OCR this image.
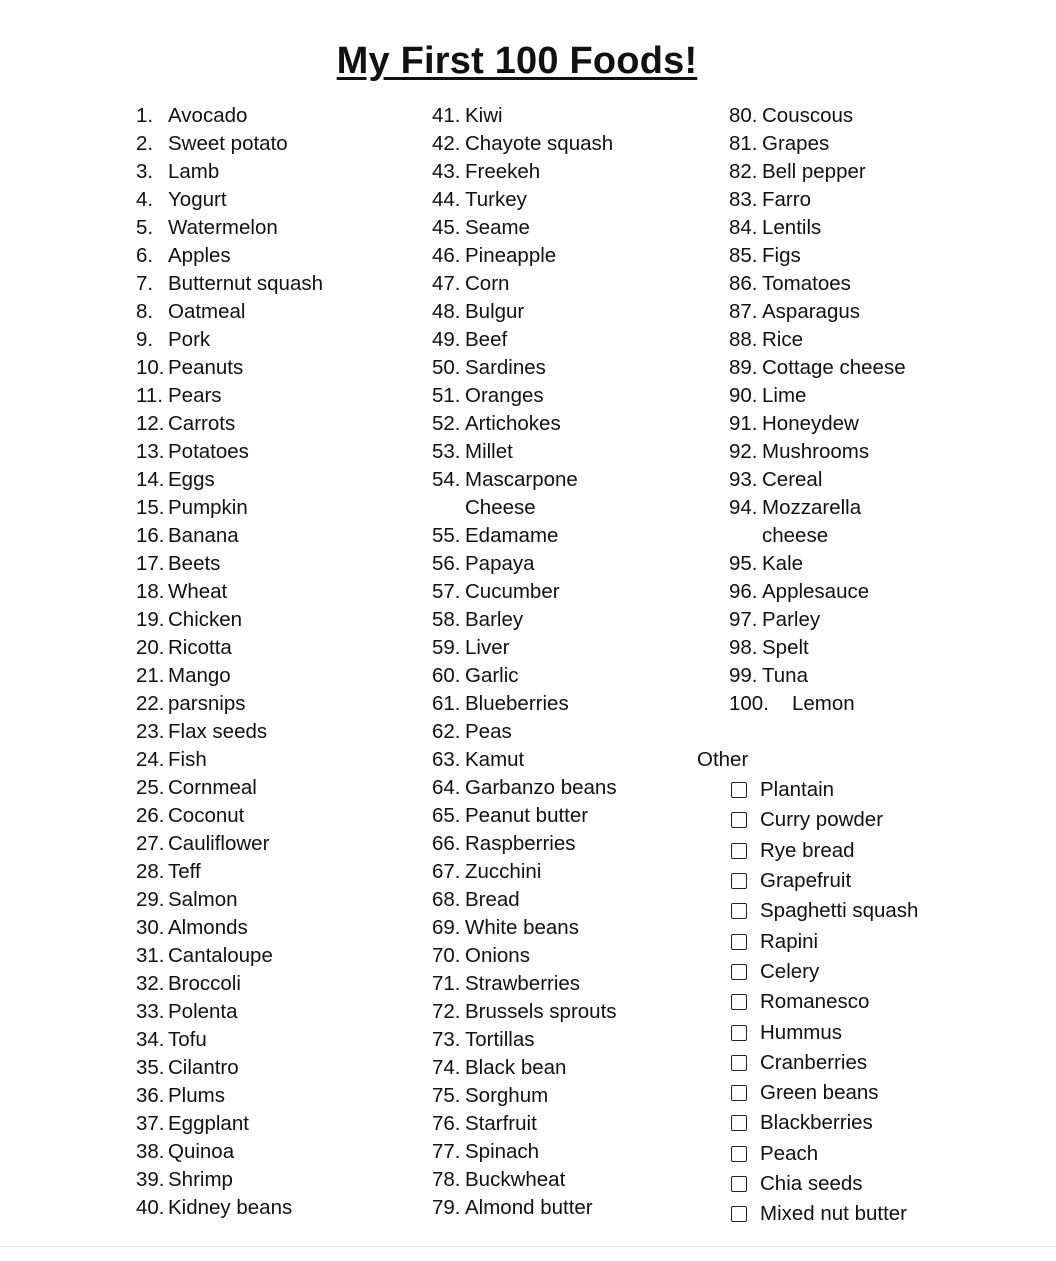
My First 100 Foods!
1. Avocado
2. Sweet potato
3. Lamb
4. Yogurt
5. Watermelon
6. Apples
7. Butternut squash
8. Oatmeal
9. Pork
10. Peanuts
11. Pears
12. Carrots
13. Potatoes
14. Eggs
15. Pumpkin
16. Banana
17. Beets
18. Wheat
19. Chicken
20. Ricotta
21. Mango
22. parsnips
23. Flax seeds
24. Fish
25. Cornmeal
26. Coconut
27. Cauliflower
28. Teff
29. Salmon
30. Almonds
31. Cantaloupe
32. Broccoli
33. Polenta
34. Tofu
35. Cilantro
36. Plums
37. Eggplant
38. Quinoa
39. Shrimp
40. Kidney beans
41. Kiwi
42. Chayote squash
43. Freekeh
44. Turkey
45. Seame
46. Pineapple
47. Corn
48. Bulgur
49. Beef
50. Sardines
51. Oranges
52. Artichokes
53. Millet
54. Mascarpone
Cheese
55. Edamame
56. Papaya
57. Cucumber
58. Barley
59. Liver
60. Garlic
61. Blueberries
62. Peas
63. Kamut
64. Garbanzo beans
65. Peanut butter
66. Raspberries
67. Zucchini
68. Bread
69. White beans
70. Onions
71. Strawberries
72. Brussels sprouts
73. Tortillas
74. Black bean
75. Sorghum
76. Starfruit
77. Spinach
78. Buckwheat
79. Almond butter
80. Couscous
81. Grapes
82. Bell pepper
83. Farro
84. Lentils
85. Figs
86. Tomatoes
87. Asparagus
88. Rice
89. Cottage cheese
90. Lime
91. Honeydew
92. Mushrooms
93. Cereal
94. Mozzarella
cheese
95. Kale
96. Applesauce
97. Parley
98. Spelt
99. Tuna
100.	Lemon

Other

Plantain
Curry powder
Rye bread
Grapefruit
Spaghetti squash
Rapini
Celery
Romanesco
Hummus
Cranberries
Green beans
Blackberries
Peach
Chia seeds
Mixed nut butter
